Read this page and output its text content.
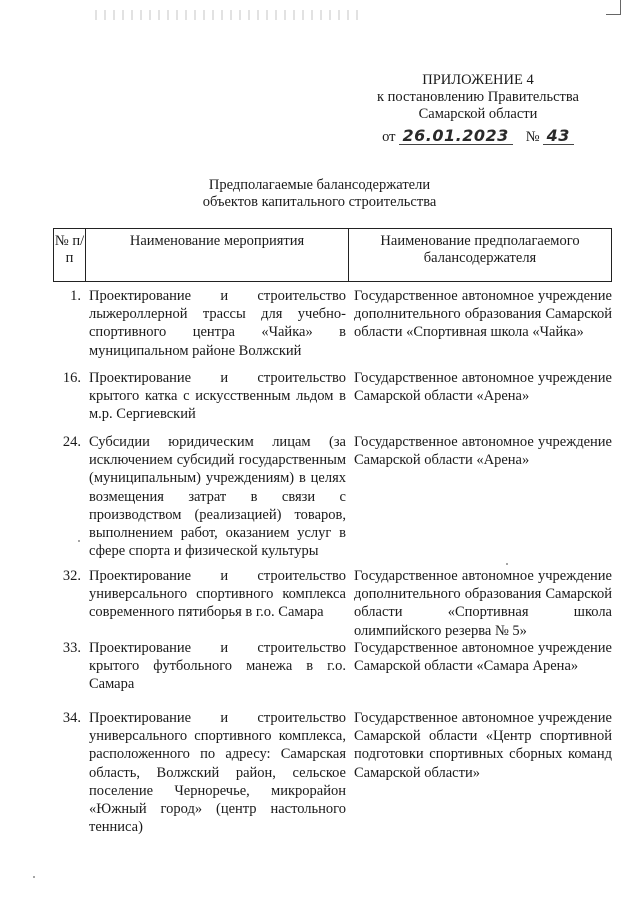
ПРИЛОЖЕНИЕ 4
к постановлению Правительства
Самарской области
от 26.01.2023 № 43
Предполагаемые балансодержатели
объектов капитального строительства
№ п/п
Наименование мероприятия	Наименование предполагаемого балансодержателя
1. Проектирование и строительство лыжероллерной трассы для учебно-спортивного центра «Чайка» в муниципальном районе Волжский
Государственное автономное учреждение дополнительного образования Самарской области «Спортивная школа «Чайка»
16. Проектирование и строительство крытого катка с искусственным льдом в м.р. Сергиевский
Государственное автономное учреждение Самарской области «Арена»
24. Субсидии юридическим лицам (за исключением субсидий государственным (муниципальным) учреждениям) в целях возмещения затрат в связи с производством (реализацией) товаров, выполнением работ, оказанием услуг в сфере спорта и физической культуры
Государственное автономное учреждение Самарской области «Арена»
32. Проектирование и строительство универсального спортивного комплекса современного пятиборья в г.о. Самара
Государственное автономное учреждение дополнительного образования Самарской области «Спортивная школа олимпийского резерва № 5»
33. Проектирование и строительство крытого футбольного манежа в г.о. Самара
Государственное автономное учреждение Самарской области «Самара Арена»
34. Проектирование и строительство универсального спортивного комплекса, расположенного по адресу: Самарская область, Волжский район, сельское поселение Черноречье, микрорайон «Южный город» (центр настольного тенниса)
Государственное автономное учреждение Самарской области «Центр спортивной подготовки спортивных сборных команд Самарской области»
